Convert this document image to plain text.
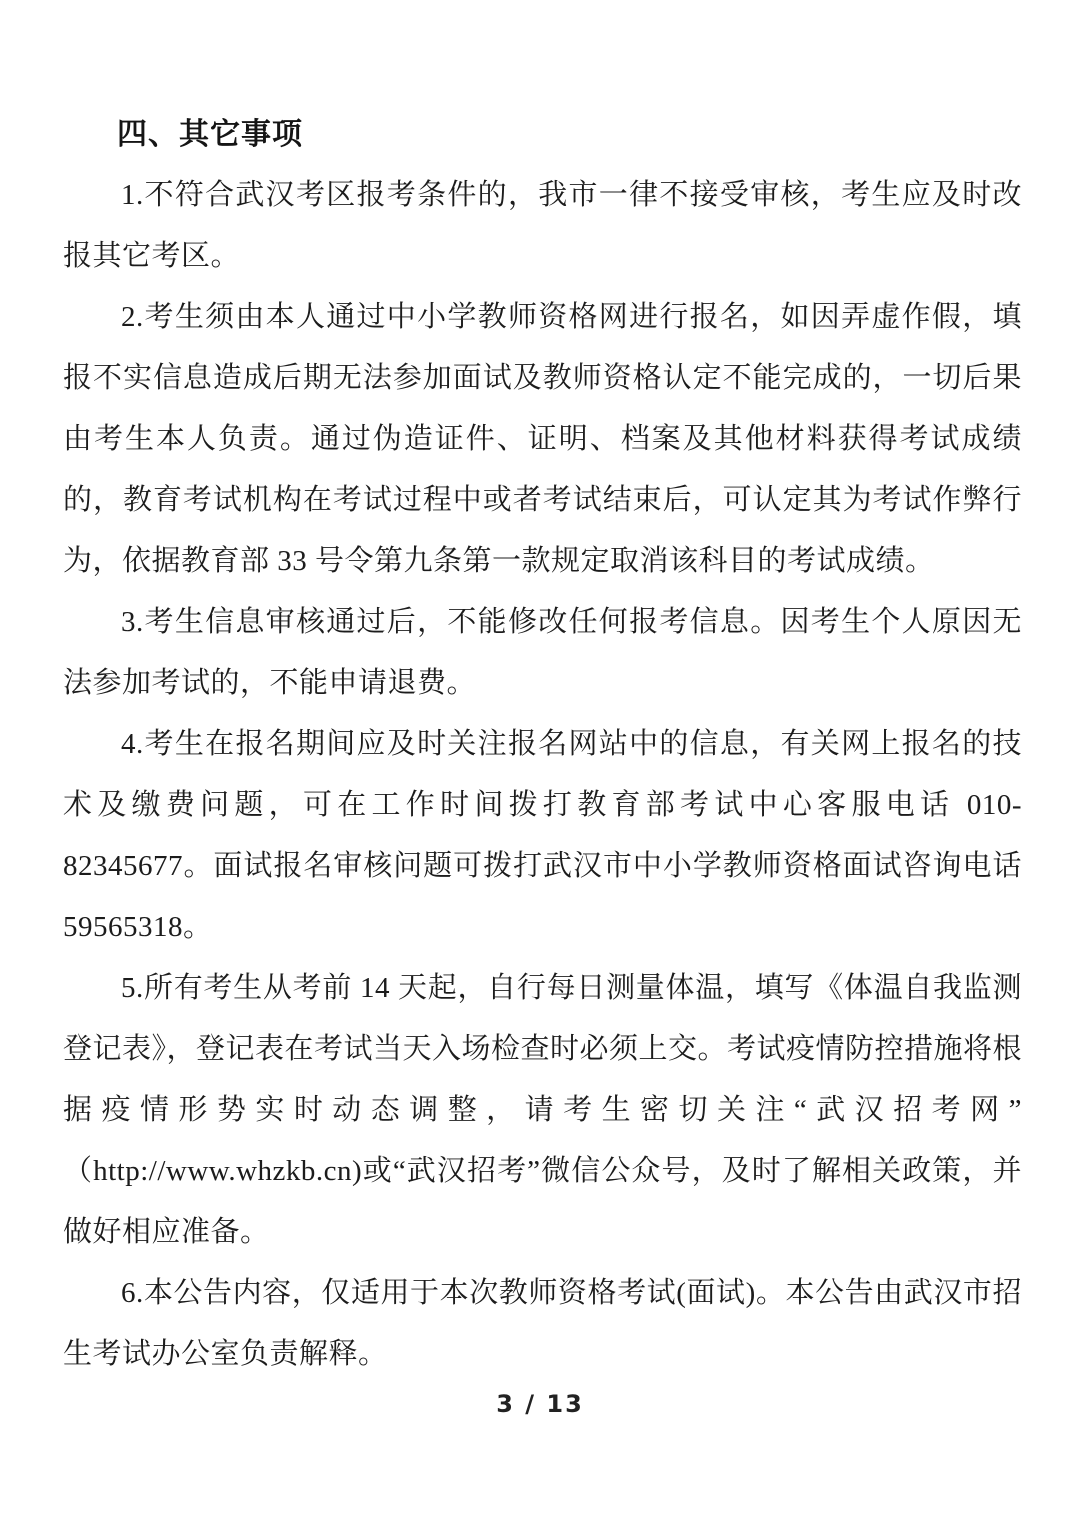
四、其它事项

1.不符合武汉考区报考条件的，我市一律不接受审核，考生应及时改报其它考区。

2.考生须由本人通过中小学教师资格网进行报名，如因弄虚作假，填报不实信息造成后期无法参加面试及教师资格认定不能完成的，一切后果由考生本人负责。通过伪造证件、证明、档案及其他材料获得考试成绩的，教育考试机构在考试过程中或者考试结束后，可认定其为考试作弊行为，依据教育部 33 号令第九条第一款规定取消该科目的考试成绩。

3.考生信息审核通过后，不能修改任何报考信息。因考生个人原因无法参加考试的，不能申请退费。

4.考生在报名期间应及时关注报名网站中的信息，有关网上报名的技术及缴费问题，可在工作时间拨打教育部考试中心客服电话 010-82345677。面试报名审核问题可拨打武汉市中小学教师资格面试咨询电话 59565318。

5.所有考生从考前 14 天起，自行每日测量体温，填写《体温自我监测登记表》，登记表在考试当天入场检查时必须上交。考试疫情防控措施将根据疫情形势实时动态调整，请考生密切关注“武汉招考网”（http://www.whzkb.cn)或“武汉招考”微信公众号，及时了解相关政策，并做好相应准备。

6.本公告内容，仅适用于本次教师资格考试(面试)。本公告由武汉市招生考试办公室负责解释。

3 / 13
